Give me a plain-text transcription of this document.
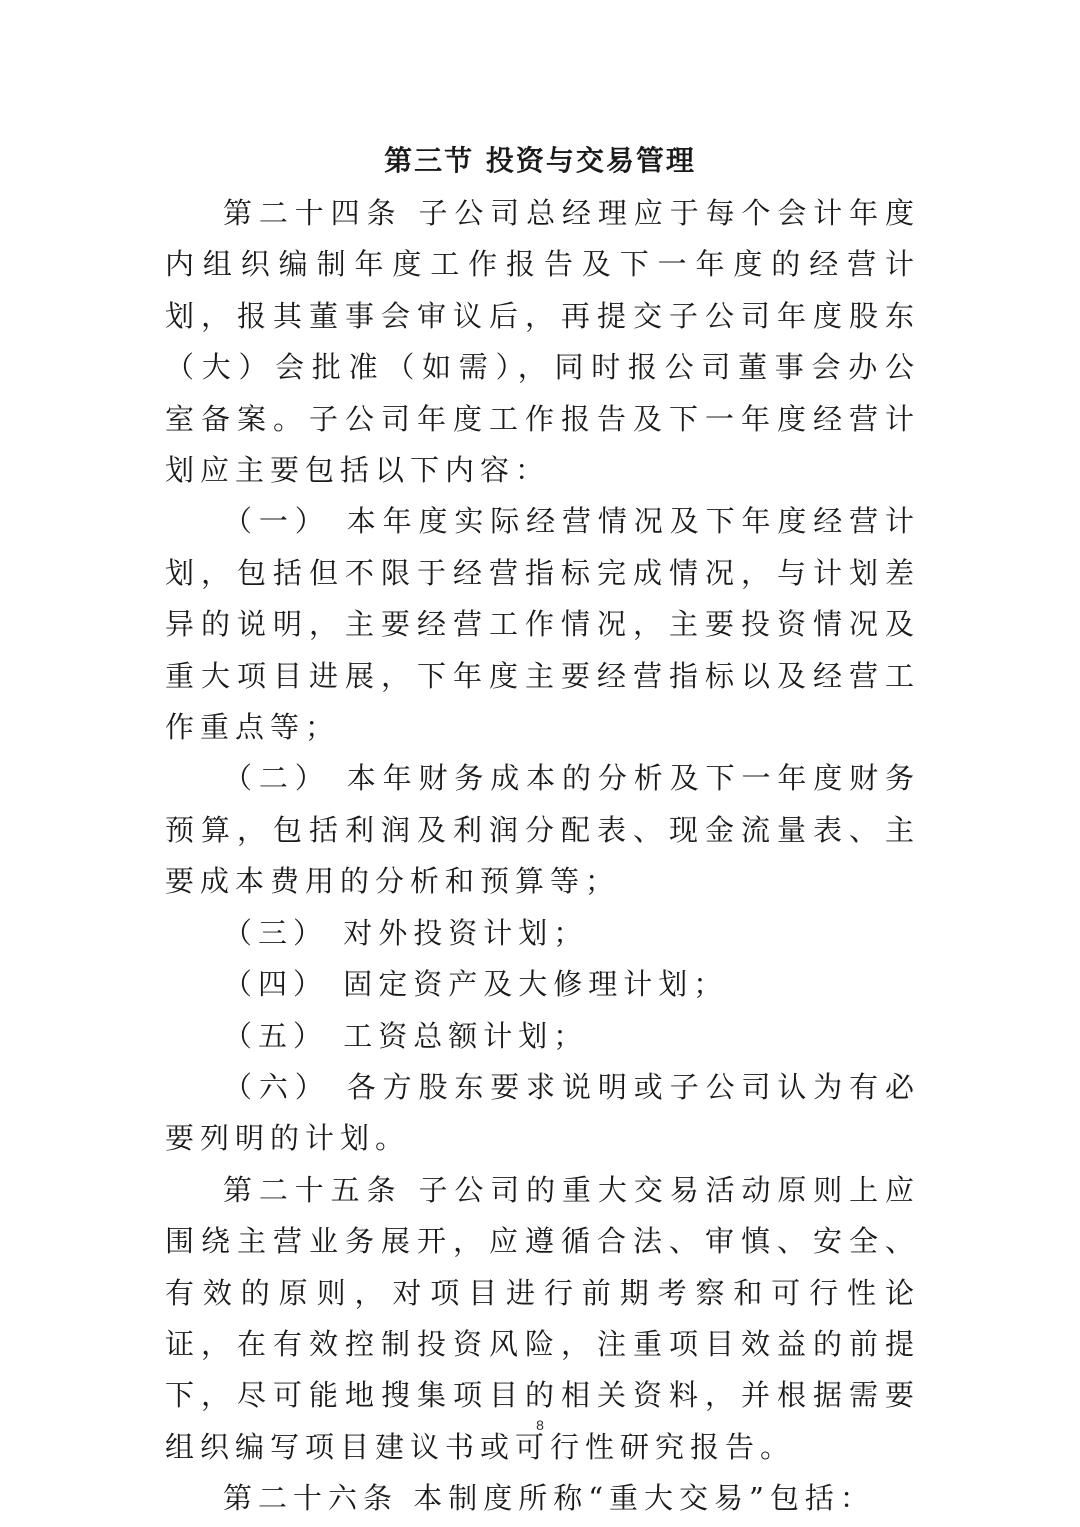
第三节 投资与交易管理

第二十四条 子公司总经理应于每个会计年度内组织编制年度工作报告及下一年度的经营计划，报其董事会审议后，再提交子公司年度股东（大）会批准（如需），同时报公司董事会办公室备案。子公司年度工作报告及下一年度经营计划应主要包括以下内容：

（一） 本年度实际经营情况及下年度经营计划，包括但不限于经营指标完成情况，与计划差异的说明，主要经营工作情况，主要投资情况及重大项目进展，下年度主要经营指标以及经营工作重点等；

（二） 本年财务成本的分析及下一年度财务预算，包括利润及利润分配表、现金流量表、主要成本费用的分析和预算等；

（三） 对外投资计划；

（四） 固定资产及大修理计划；

（五） 工资总额计划；

（六） 各方股东要求说明或子公司认为有必要列明的计划。

第二十五条 子公司的重大交易活动原则上应围绕主营业务展开，应遵循合法、审慎、安全、有效的原则，对项目进行前期考察和可行性论证，在有效控制投资风险，注重项目效益的前提下，尽可能地搜集项目的相关资料，并根据需要组织编写项目建议书或可行性研究报告。

第二十六条 本制度所称“重大交易”包括：

8
